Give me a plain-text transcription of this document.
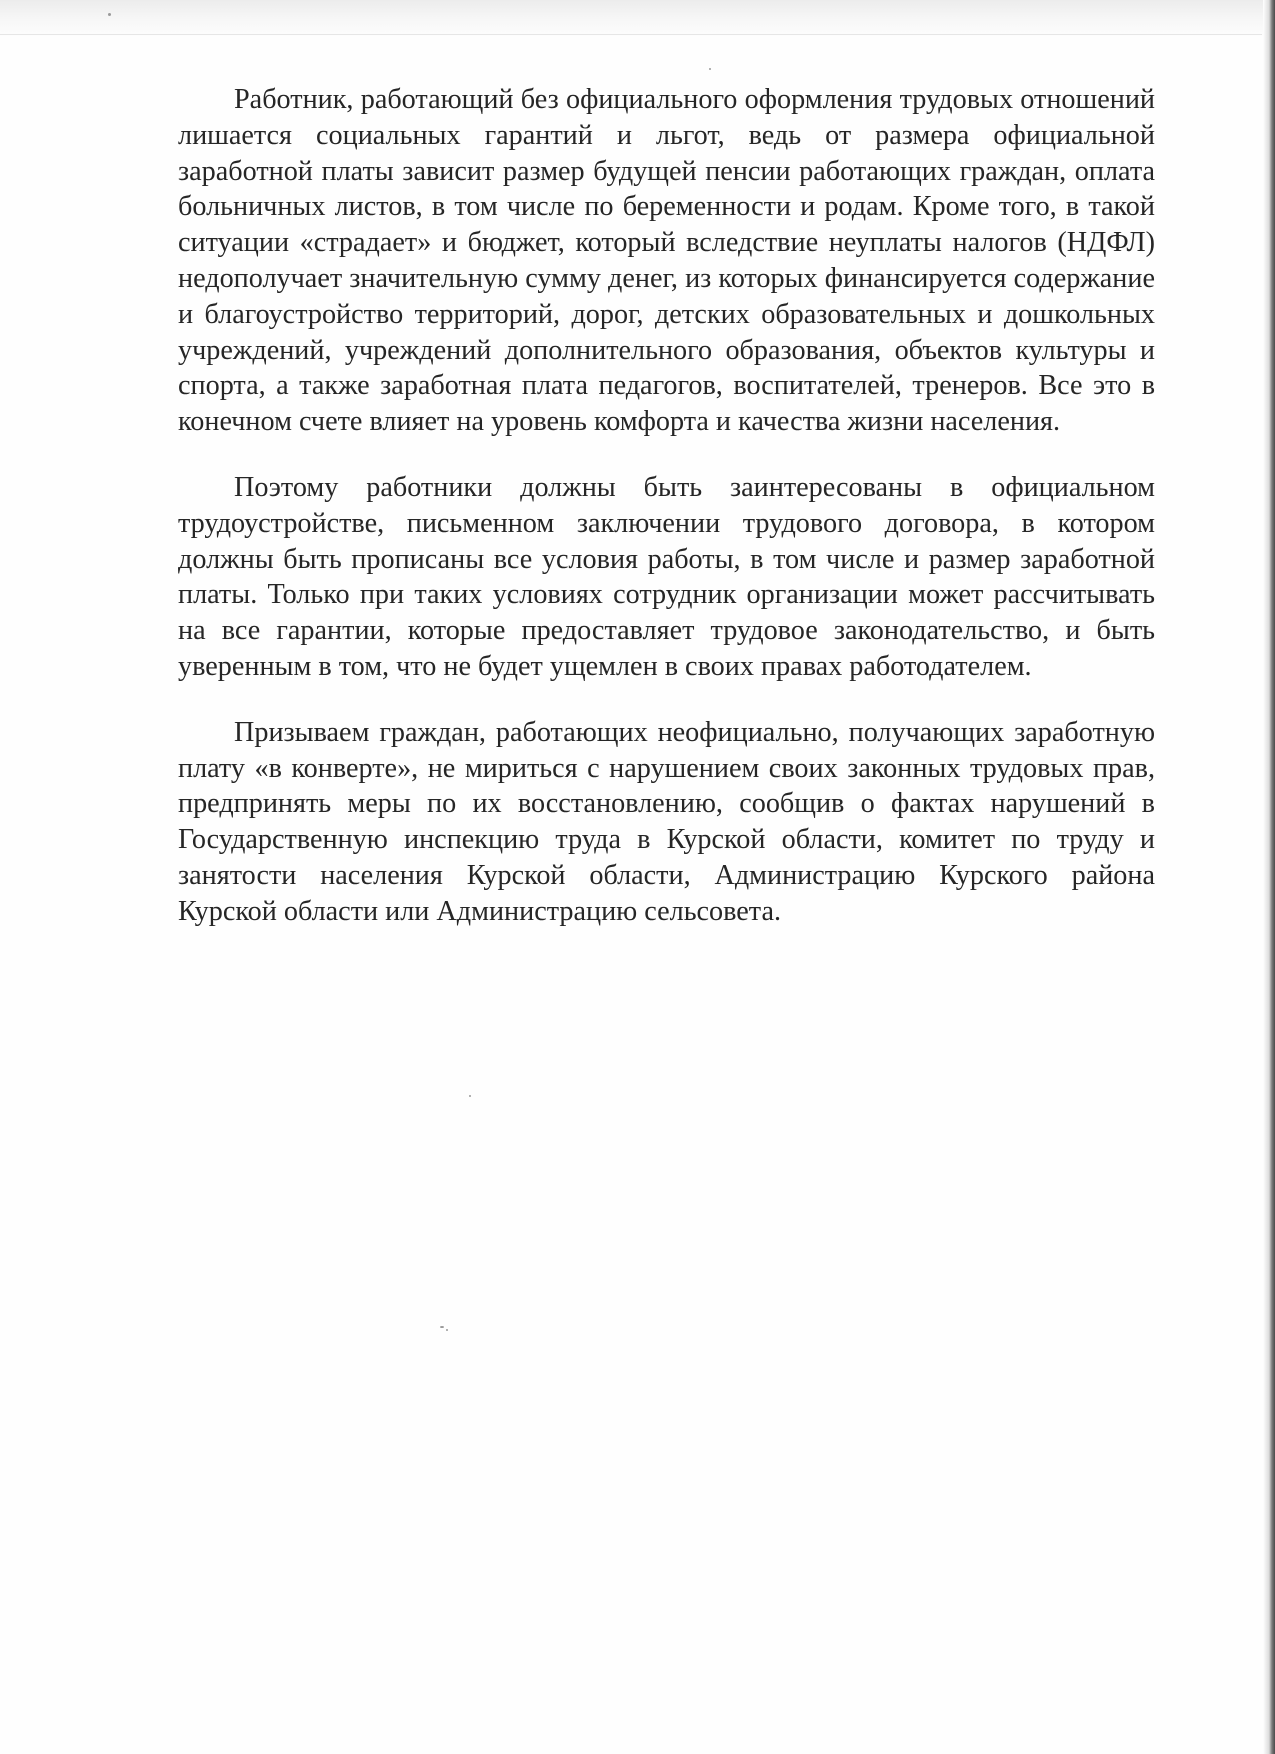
Работник, работающий без официального оформления трудовых отношений лишается социальных гарантий и льгот, ведь от размера официальной заработной платы зависит размер будущей пенсии работающих граждан, оплата больничных листов, в том числе по беременности и родам. Кроме того, в такой ситуации «страдает» и бюджет, который вследствие неуплаты налогов (НДФЛ) недополучает значительную сумму денег, из которых финансируется содержание и благоустройство территорий, дорог, детских образовательных и дошкольных учреждений, учреждений дополнительного образования, объектов культуры и спорта, а также заработная плата педагогов, воспитателей, тренеров. Все это в конечном счете влияет на уровень комфорта и качества жизни населения.

Поэтому работники должны быть заинтересованы в официальном трудоустройстве, письменном заключении трудового договора, в котором должны быть прописаны все условия работы, в том числе и размер заработной платы. Только при таких условиях сотрудник организации может рассчитывать на все гарантии, которые предоставляет трудовое законодательство, и быть уверенным в том, что не будет ущемлен в своих правах работодателем.

Призываем граждан, работающих неофициально, получающих заработную плату «в конверте», не мириться с нарушением своих законных трудовых прав, предпринять меры по их восстановлению, сообщив о фактах нарушений в Государственную инспекцию труда в Курской области, комитет по труду и занятости населения Курской области, Администрацию Курского района Курской области или Администрацию сельсовета.
